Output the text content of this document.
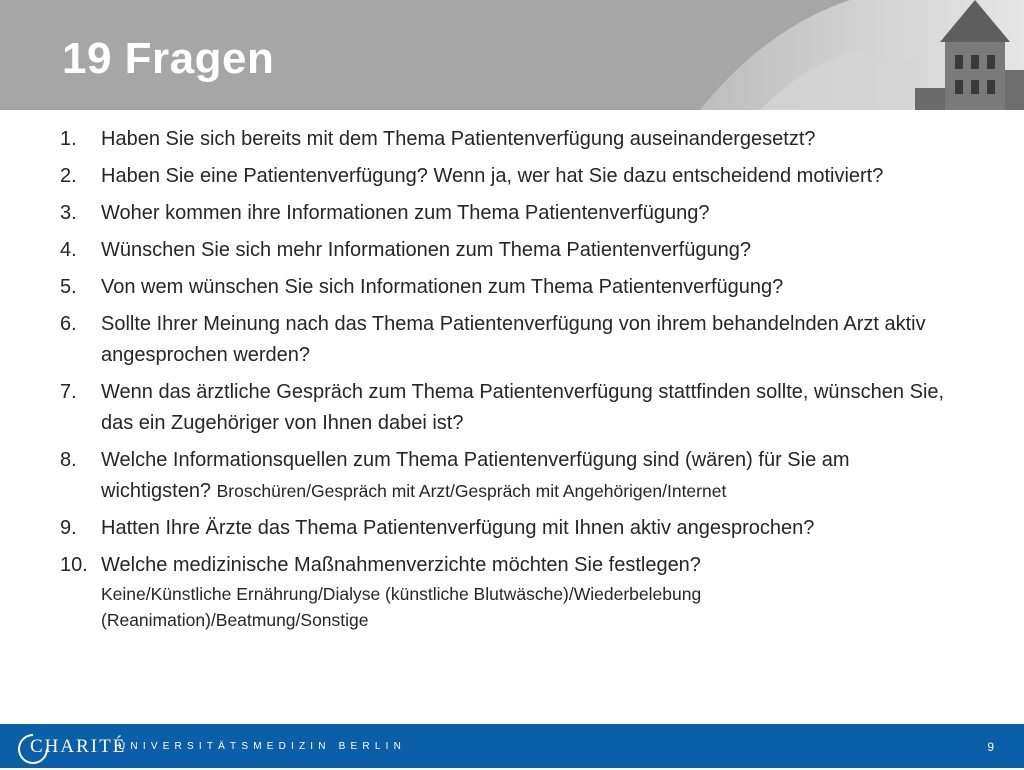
19 Fragen
1.	Haben Sie sich bereits mit dem Thema Patientenverfügung auseinandergesetzt?
2.	Haben Sie eine Patientenverfügung? Wenn ja, wer hat Sie dazu entscheidend motiviert?
3.	Woher kommen ihre Informationen zum Thema Patientenverfügung?
4.	Wünschen Sie sich mehr Informationen zum Thema Patientenverfügung?
5.	Von wem wünschen Sie sich Informationen zum Thema Patientenverfügung?
6.	Sollte Ihrer Meinung nach das Thema Patientenverfügung von ihrem behandelnden Arzt aktiv angesprochen werden?
7.	Wenn das ärztliche Gespräch zum Thema Patientenverfügung stattfinden sollte, wünschen Sie, das ein Zugehöriger von Ihnen dabei ist?
8.	Welche Informationsquellen zum Thema Patientenverfügung sind (wären) für Sie am wichtigsten? Broschüren/Gespräch mit Arzt/Gespräch mit Angehörigen/Internet
9.	Hatten Ihre Ärzte das Thema Patientenverfügung mit Ihnen aktiv angesprochen?
10. Welche medizinische Maßnahmenverzichte möchten Sie festlegen?
Keine/Künstliche Ernährung/Dialyse (künstliche Blutwäsche)/Wiederbelebung (Reanimation)/Beatmung/Sonstige
CHARITÉ
UNIVERSITÄTSMEDIZIN BERLIN	9
